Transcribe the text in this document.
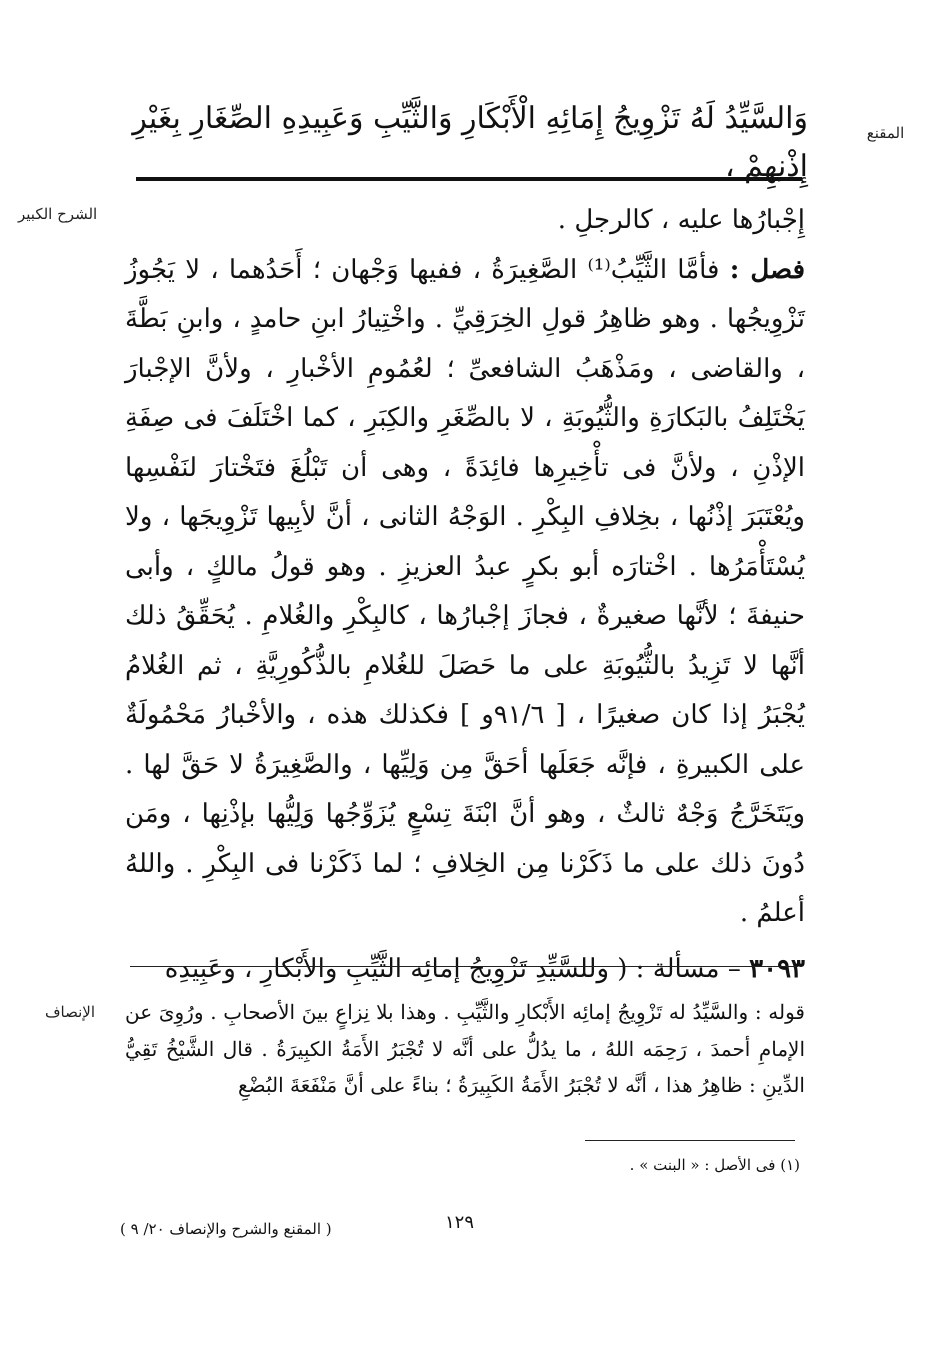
المقنع
الشرح الكبير
الإنصاف
وَالسَّيِّدُ لَهُ تَزْوِيجُ إِمَائِهِ الْأَبْكَارِ وَالثَّيِّبِ وَعَبِيدِهِ الصِّغَارِ بِغَيْرِ إِذْنِهِمْ ،

إِجْبارُها عليه ، كالرجلِ .

فصل : فأمَّا الثَّيِّبُ⁽¹⁾ الصَّغِيرَةُ ، ففيها وَجْهان ؛ أَحَدُهما ، لا يَجُوزُ تَزْوِيجُها . وهو ظاهِرُ قولِ الخِرَقِيِّ . واخْتِيارُ ابنِ حامدٍ ، وابنِ بَطَّةَ ، والقاضى ، ومَذْهَبُ الشافعىِّ ؛ لعُمُومِ الأخْبارِ ، ولأنَّ الإجْبارَ يَخْتَلِفُ بالبَكارَةِ والثُّيُوبَةِ ، لا بالصِّغَرِ والكِبَرِ ، كما اخْتَلَفَ فى صِفَةِ الإذْنِ ، ولأنَّ فى تأْخِيرِها فائِدَةً ، وهى أن تَبْلُغَ فتَخْتارَ لنَفْسِها ويُعْتَبَرَ إذْنُها ، بخِلافِ البِكْرِ . الوَجْهُ الثانى ، أنَّ لأبِيها تَزْوِيجَها ، ولا يُسْتَأْمَرُها . اخْتارَه أبو بكرٍ عبدُ العزيزِ . وهو قولُ مالكٍ ، وأبى حنيفةَ ؛ لأنَّها صغيرةٌ ، فجازَ إجْبارُها ، كالبِكْرِ والغُلامِ . يُحَقِّقُ ذلك أنَّها لا تَزِيدُ بالثُّيُوبَةِ على ما حَصَلَ للغُلامِ بالذُّكُورِيَّةِ ، ثم الغُلامُ يُجْبَرُ إذا كان صغيرًا ، [ ٩١/٦و ] فكذلك هذه ، والأخْبارُ مَحْمُولَةٌ على الكبيرةِ ، فإنَّه جَعَلَها أحَقَّ مِن وَلِيِّها ، والصَّغِيرَةُ لا حَقَّ لها . ويَتَخَرَّجُ وَجْهٌ ثالثٌ ، وهو أنَّ ابْنَةَ تِسْعٍ يُزَوِّجُها وَلِيُّها بإذْنِها ، ومَن دُونَ ذلك على ما ذَكَرْنا مِن الخِلافِ ؛ لما ذَكَرْنا فى البِكْرِ . واللهُ أعلمُ .

٣٠٩٣ – مسألة : ( وللسَّيِّدِ تَزْوِيجُ إمائِه الثَّيِّبِ والأَبْكارِ ، وعَبِيدِه

قوله : والسَّيِّدُ له تَزْوِيجُ إمائِه الأَبْكارِ والثَّيِّبِ . وهذا بلا نِزاعٍ بينَ الأصحابِ . ورُوِىَ عن الإمامِ أحمدَ ، رَحِمَه اللهُ ، ما يدُلُّ على أنَّه لا تُجْبَرُ الأَمَةُ الكبِيرَةُ . قال الشَّيْخُ تَقِيُّ الدِّينِ : ظاهِرُ هذا ، أنَّه لا تُجْبَرُ الأَمَةُ الكَبِيرَةُ ؛ بناءً على أنَّ مَنْفَعَةَ البُضْعِ
(١) فى الأصل : « البنت » .
١٢٩
( المقنع والشرح والإنصاف ٢٠/ ٩ )
